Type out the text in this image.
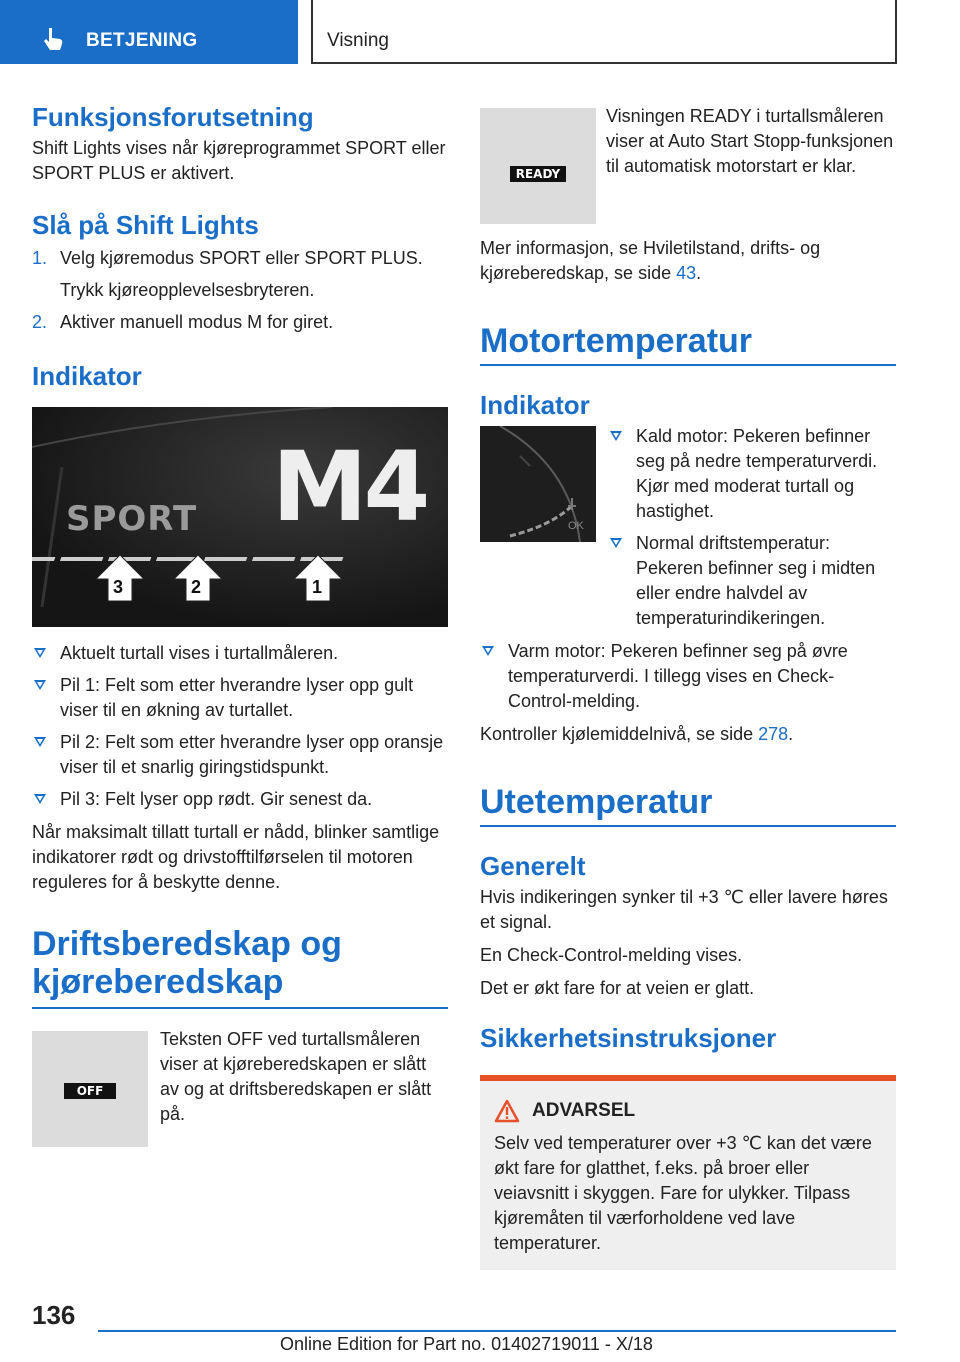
BETJENING	Visning
Funksjonsforutsetning

Shift Lights vises når kjøreprogrammet SPORT eller SPORT PLUS er aktivert.

Slå på Shift Lights
1. Velg kjøremodus SPORT eller SPORT PLUS.
Trykk kjøreopplevelsesbryteren.
2. Aktiver manuell modus M for giret.
Indikator
SPORT M4
3	2	1
Aktuelt turtall vises i turtallmåleren.
Pil 1: Felt som etter hverandre lyser opp gult viser til en økning av turtallet.
Pil 2: Felt som etter hverandre lyser opp oransje viser til et snarlig giringstidspunkt.
Pil 3: Felt lyser opp rødt. Gir senest da.

Når maksimalt tillatt turtall er nådd, blinker samtlige indikatorer rødt og drivstofftilførselen til motoren reguleres for å beskytte denne.

Driftsberedskap og kjøreberedskap
OFF

Teksten OFF ved turtallsmåleren viser at kjøreberedskapen er slått av og at driftsberedskapen er slått på.

READY

Visningen READY i turtallsmåleren viser at Auto Start Stopp-funksjonen til automatisk motorstart er klar.

Mer informasjon, se Hviletilstand, drifts- og kjøreberedskap, se side 43.

Motortemperatur
Indikator
OK
Kald motor: Pekeren befinner seg på nedre temperaturverdi. Kjør med moderat turtall og hastighet.
Normal driftstemperatur: Pekeren befinner seg i midten eller endre halvdel av temperaturindikeringen.
Varm motor: Pekeren befinner seg på øvre temperaturverdi. I tillegg vises en Check-Control-melding.

Kontroller kjølemiddelnivå, se side 278.

Utetemperatur
Generelt

Hvis indikeringen synker til +3 ℃ eller lavere høres et signal.

En Check-Control-melding vises.

Det er økt fare for at veien er glatt.

Sikkerhetsinstruksjoner
ADVARSEL

Selv ved temperaturer over +3 ℃ kan det være økt fare for glatthet, f.eks. på broer eller veiavsnitt i skyggen. Fare for ulykker. Tilpass kjøremåten til værforholdene ved lave temperaturer.

136
Online Edition for Part no. 01402719011 - X/18
